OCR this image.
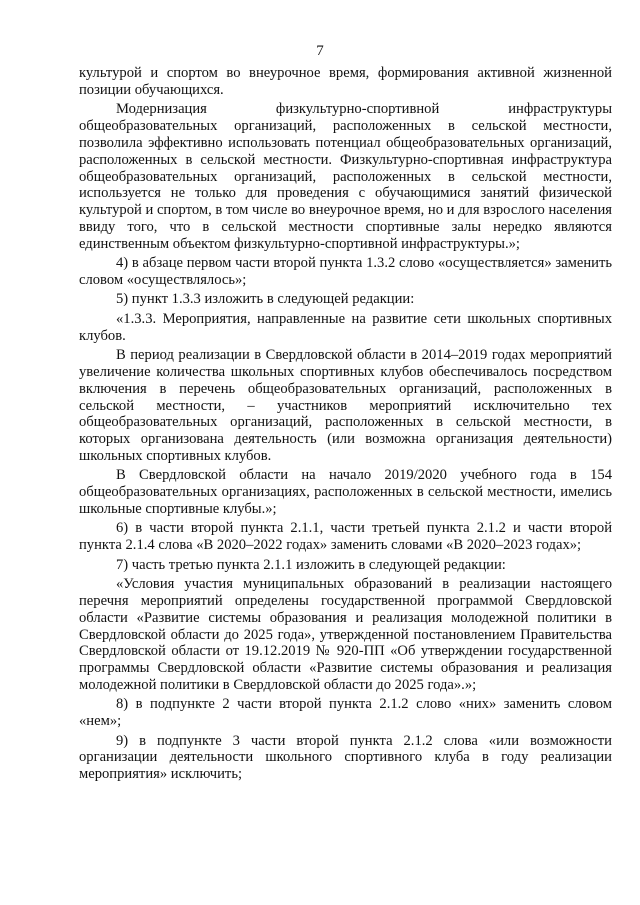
7

культурой и спортом во внеурочное время, формирования активной жизненной позиции обучающихся.

Модернизация физкультурно-спортивной инфраструктуры общеобразовательных организаций, расположенных в сельской местности, позволила эффективно использовать потенциал общеобразовательных организаций, расположенных в сельской местности. Физкультурно-спортивная инфраструктура общеобразовательных организаций, расположенных в сельской местности, используется не только для проведения с обучающимися занятий физической культурой и спортом, в том числе во внеурочное время, но и для взрослого населения ввиду того, что в сельской местности спортивные залы нередко являются единственным объектом физкультурно-спортивной инфраструктуры.»;

4) в абзаце первом части второй пункта 1.3.2 слово «осуществляется» заменить словом «осуществлялось»;

5) пункт 1.3.3 изложить в следующей редакции:

«1.3.3. Мероприятия, направленные на развитие сети школьных спортивных клубов.

В период реализации в Свердловской области в 2014–2019 годах мероприятий увеличение количества школьных спортивных клубов обеспечивалось посредством включения в перечень общеобразовательных организаций, расположенных в сельской местности, – участников мероприятий исключительно тех общеобразовательных организаций, расположенных в сельской местности, в которых организована деятельность (или возможна организация деятельности) школьных спортивных клубов.

В Свердловской области на начало 2019/2020 учебного года в 154 общеобразовательных организациях, расположенных в сельской местности, имелись школьные спортивные клубы.»;

6) в части второй пункта 2.1.1, части третьей пункта 2.1.2 и части второй пункта 2.1.4 слова «В 2020–2022 годах» заменить словами «В 2020–2023 годах»;

7) часть третью пункта 2.1.1 изложить в следующей редакции:

«Условия участия муниципальных образований в реализации настоящего перечня мероприятий определены государственной программой Свердловской области «Развитие системы образования и реализация молодежной политики в Свердловской области до 2025 года», утвержденной постановлением Правительства Свердловской области от 19.12.2019 № 920-ПП «Об утверждении государственной программы Свердловской области «Развитие системы образования и реализация молодежной политики в Свердловской области до 2025 года».»;

8) в подпункте 2 части второй пункта 2.1.2 слово «них» заменить словом «нем»;

9) в подпункте 3 части второй пункта 2.1.2 слова «или возможности организации деятельности школьного спортивного клуба в году реализации мероприятия» исключить;
